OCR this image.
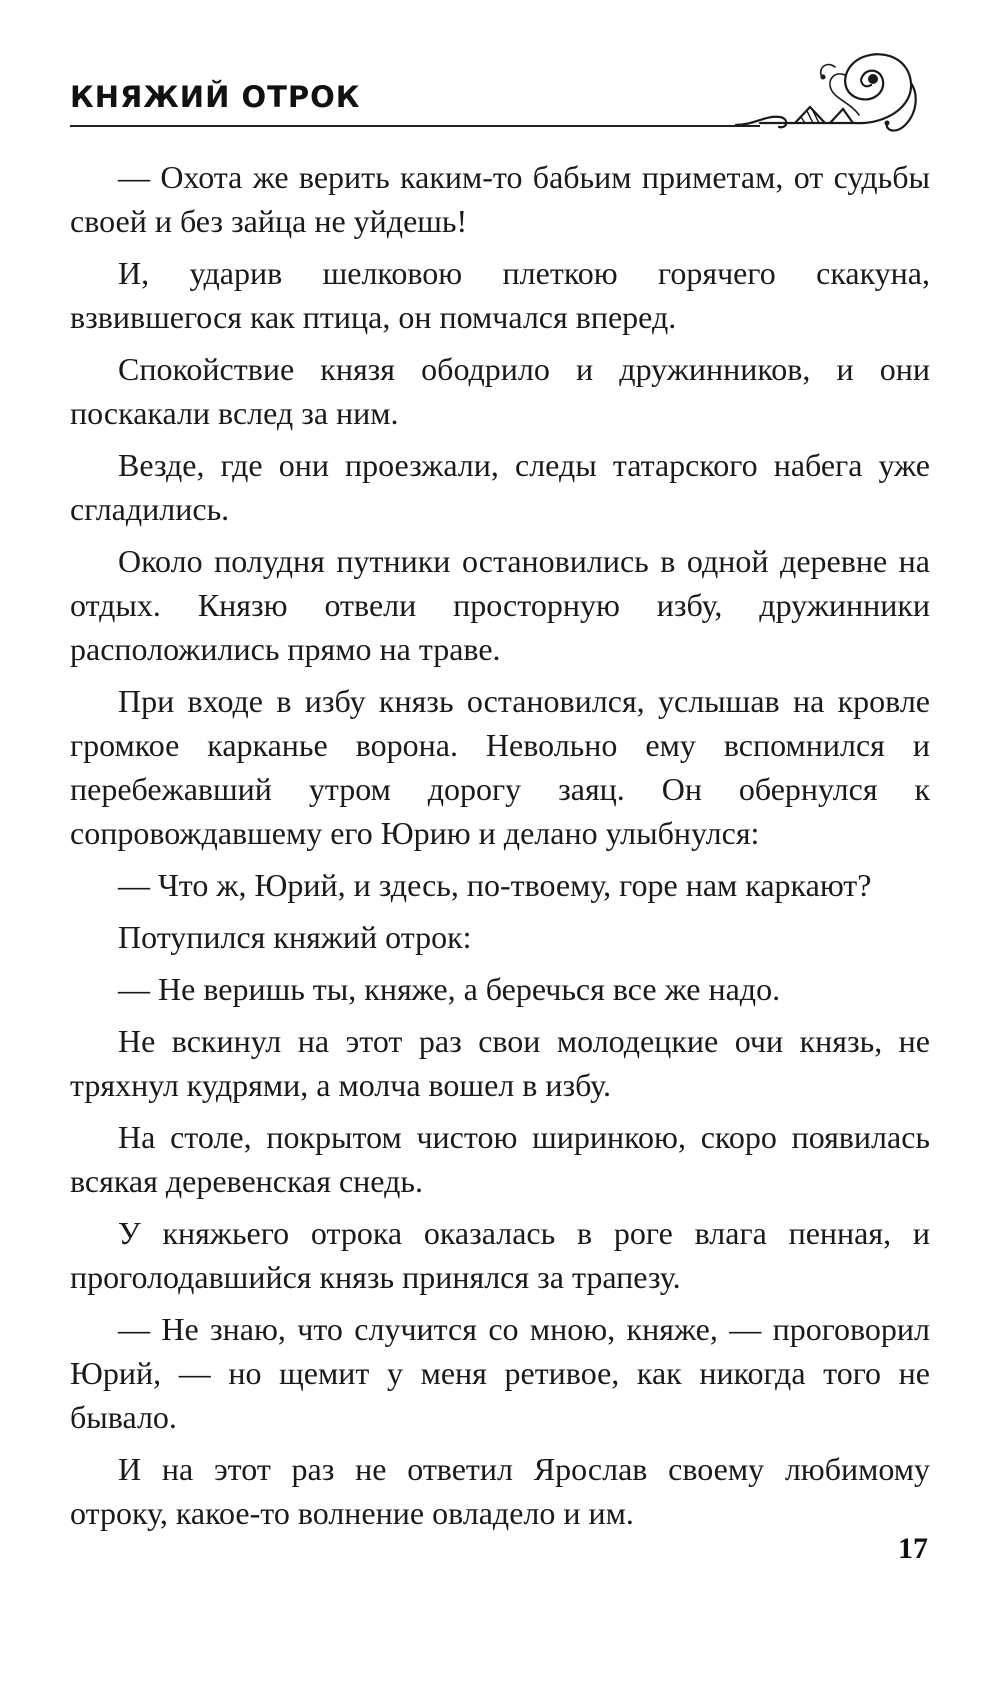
КНЯЖИЙ ОТРОК

— Охота же верить каким-то бабьим приметам, от судьбы своей и без зайца не уйдешь!

И, ударив шелковою плеткою горячего скакуна, взвившегося как птица, он помчался вперед.

Спокойствие князя ободрило и дружинников, и они поскакали вслед за ним.

Везде, где они проезжали, следы татарского набега уже сгладились.

Около полудня путники остановились в одной деревне на отдых. Князю отвели просторную избу, дружинники расположились прямо на траве.

При входе в избу князь остановился, услышав на кровле громкое карканье ворона. Невольно ему вспомнился и перебежавший утром дорогу заяц. Он обернулся к сопровождавшему его Юрию и делано улыбнулся:

— Что ж, Юрий, и здесь, по-твоему, горе нам каркают?

Потупился княжий отрок:

— Не веришь ты, княже, а беречься все же надо.

Не вскинул на этот раз свои молодецкие очи князь, не тряхнул кудрями, а молча вошел в избу.

На столе, покрытом чистою ширинкою, скоро появилась всякая деревенская снедь.

У княжьего отрока оказалась в роге влага пенная, и проголодавшийся князь принялся за трапезу.

— Не знаю, что случится со мною, княже, — проговорил Юрий, — но щемит у меня ретивое, как никогда того не бывало.

И на этот раз не ответил Ярослав своему любимому отроку, какое-то волнение овладело и им.

17
